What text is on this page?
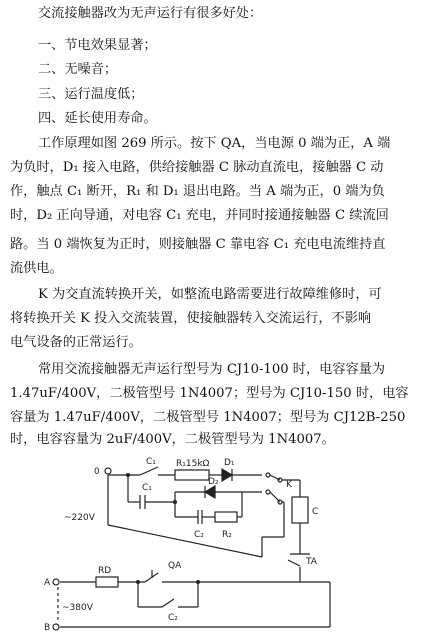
交流接触器改为无声运行有很多好处：
一、节电效果显著；
二、无噪音；
三、运行温度低；
四、延长使用寿命。
工作原理如图 269 所示。按下 QA，当电源 0 端为正，A 端
为负时，D₁ 接入电路，供给接触器 C 脉动直流电，接触器 C 动
作，触点 C₁ 断开，R₁ 和 D₁ 退出电路。当 A 端为正，0 端为负
时，D₂ 正向导通，对电容 C₁ 充电，并同时接通接触器 C 续流回
路。当 0 端恢复为正时，则接触器 C 靠电容 C₁ 充电电流维持直
流供电。
K 为交直流转换开关，如整流电路需要进行故障维修时，可
将转换开关 K 投入交流装置，使接触器转入交流运行，不影响
电气设备的正常运行。
常用交流接触器无声运行型号为 CJ10-100 时，电容容量为
1.47uF/400V，二极管型号 1N4007；型号为 CJ10-150 时，电容
容量为 1.47uF/400V，二极管型号 1N4007；型号为 CJ12B-250
时，电容容量为 2uF/400V，二极管型号为 1N4007。
0
A
B
C₁ R₁15kΩ D₁
C₁
D₂
C₂ R₂
K
C
~220V
RD	QA	TA
C₂
~380V
